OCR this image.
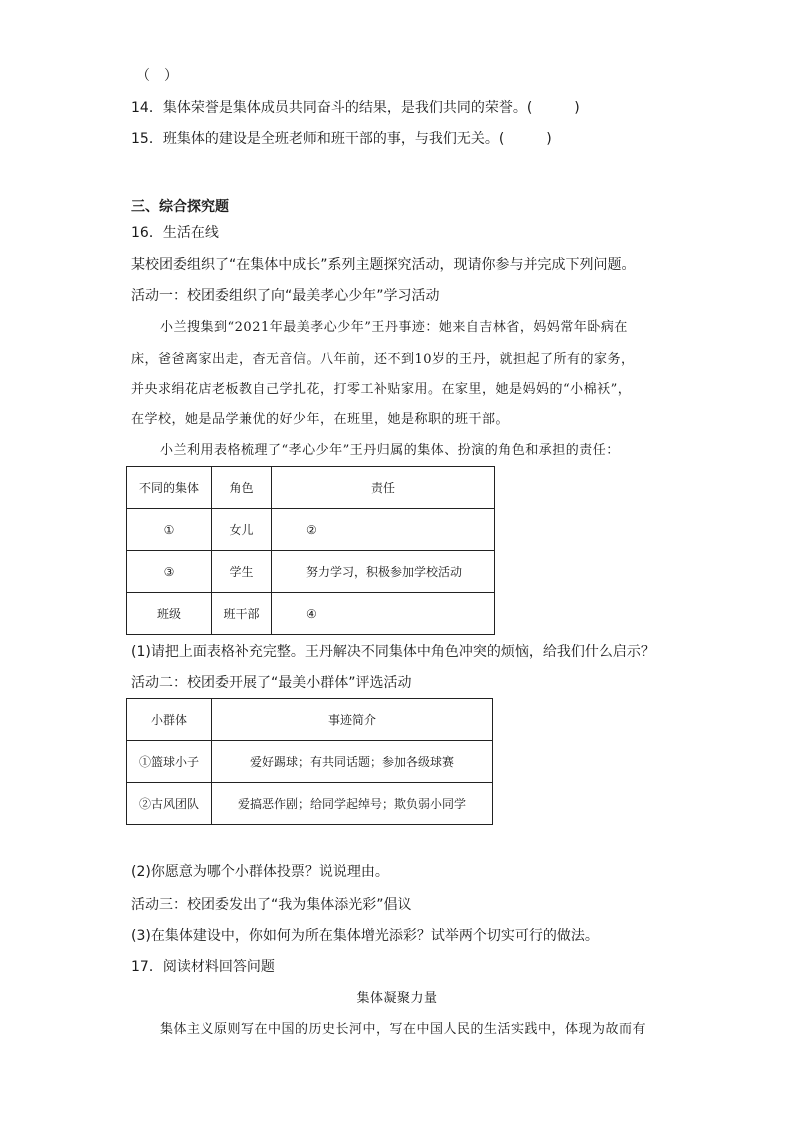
（　）
14．集体荣誉是集体成员共同奋斗的结果，是我们共同的荣誉。(　　　)
15．班集体的建设是全班老师和班干部的事，与我们无关。(　　　)
三、综合探究题
16．生活在线
某校团委组织了“在集体中成长”系列主题探究活动，现请你参与并完成下列问题。
活动一：校团委组织了向“最美孝心少年”学习活动
小兰搜集到“2021年最美孝心少年”王丹事迹：她来自吉林省，妈妈常年卧病在
床，爸爸离家出走，杳无音信。八年前，还不到10岁的王丹，就担起了所有的家务，
并央求绢花店老板教自己学扎花，打零工补贴家用。在家里，她是妈妈的“小棉袄”，
在学校，她是品学兼优的好少年，在班里，她是称职的班干部。
小兰利用表格梳理了“孝心少年”王丹归属的集体、扮演的角色和承担的责任：
不同的集体	角色	责任
①	女儿	②
③	学生	努力学习，积极参加学校活动
班级	班干部	④
(1)请把上面表格补充完整。王丹解决不同集体中角色冲突的烦恼，给我们什么启示？
活动二：校团委开展了“最美小群体”评选活动
小群体	事迹简介
①篮球小子	爱好踢球；有共同话题；参加各级球赛
②古风团队	爱搞恶作剧；给同学起绰号；欺负弱小同学
(2)你愿意为哪个小群体投票？说说理由。
活动三：校团委发出了“我为集体添光彩”倡议
(3)在集体建设中，你如何为所在集体增光添彩？试举两个切实可行的做法。
17．阅读材料回答问题
集体凝聚力量
集体主义原则写在中国的历史长河中，写在中国人民的生活实践中，体现为故而有
